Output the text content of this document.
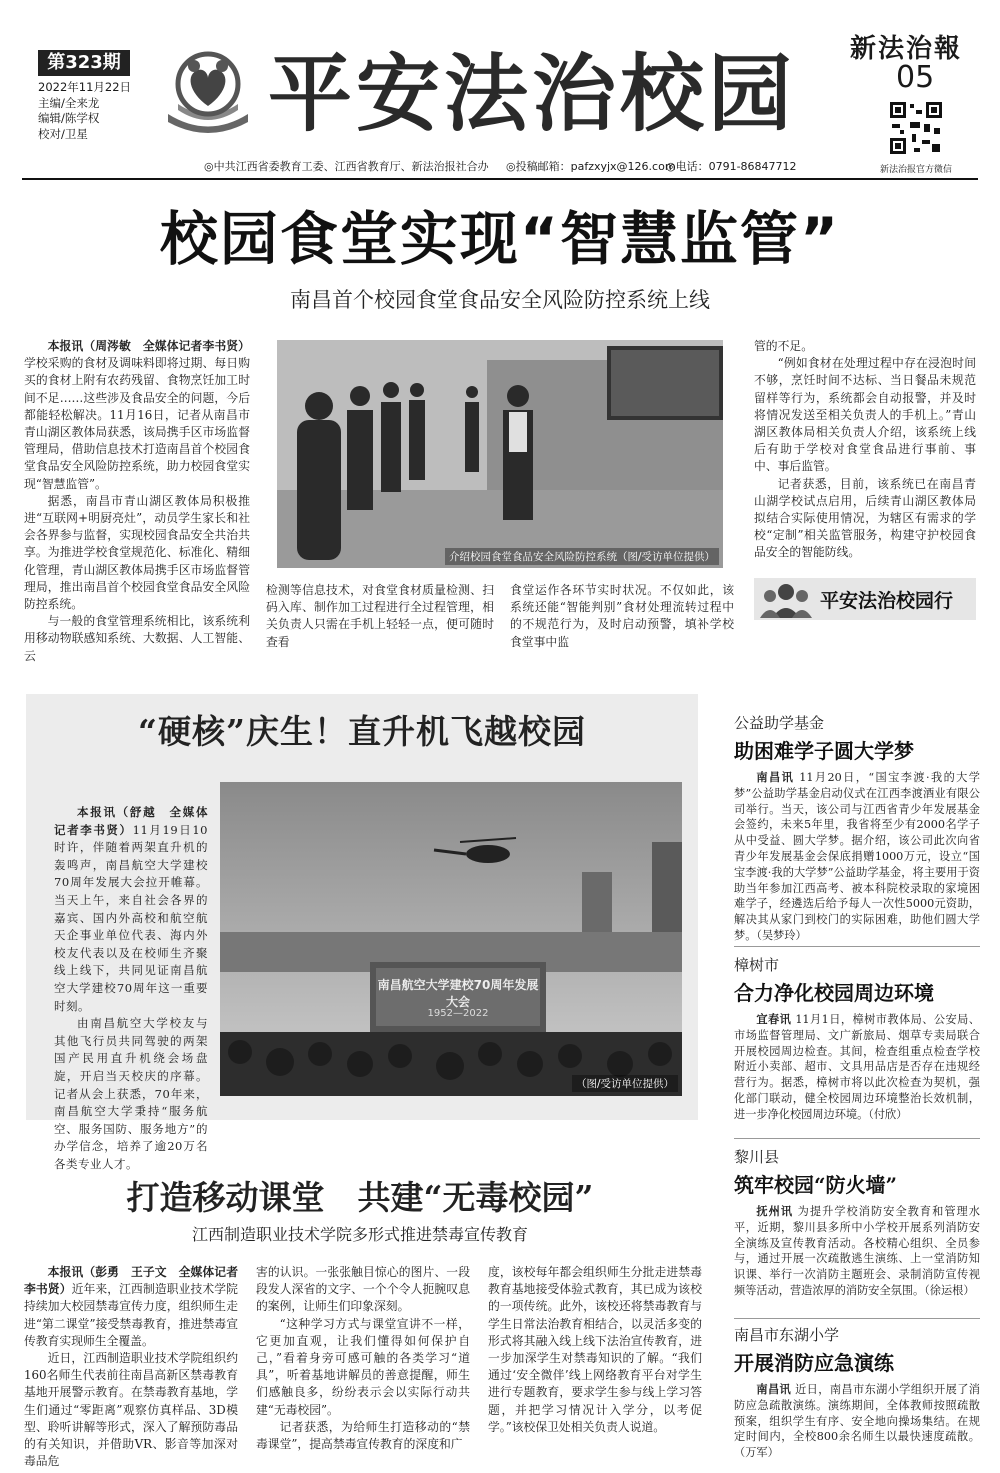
第323期
2022年11月22日
主编/全来龙
编辑/陈学权
校对/卫星	平安法治校园 新法治報
05
新法治报官方微信
◎中共江西省委教育工委、江西省教育厅、新法治报社合办 ◎投稿邮箱：pafzxyjx@126.com
◎电话：0791-86847712
校园食堂实现“智慧监管”
南昌首个校园食堂食品安全风险防控系统上线

本报讯（周涔敏　全媒体记者李书贤）学校采购的食材及调味料即将过期、每日购买的食材上附有农药残留、食物烹饪加工时间不足……这些涉及食品安全的问题，今后都能轻松解决。11月16日，记者从南昌市青山湖区教体局获悉，该局携手区市场监督管理局，借助信息技术打造南昌首个校园食堂食品安全风险防控系统，助力校园食堂实现“智慧监管”。

据悉，南昌市青山湖区教体局积极推进“互联网+明厨亮灶”，动员学生家长和社会各界参与监督，实现校园食品安全共治共享。为推进学校食堂规范化、标准化、精细化管理，青山湖区教体局携手区市场监督管理局，推出南昌首个校园食堂食品安全风险防控系统。

与一般的食堂管理系统相比，该系统利用移动物联感知系统、大数据、人工智能、云

介绍校园食堂食品安全风险防控系统（图/受访单位提供）
检测等信息技术，对食堂食材质量检测、扫码入库、制作加工过程进行全过程管理，相关负责人只需在手机上轻轻一点，便可随时查看
食堂运作各环节实时状况。不仅如此，该系统还能“智能判别”食材处理流转过程中的不规范行为，及时启动预警，填补学校食堂事中监

管的不足。

“例如食材在处理过程中存在浸泡时间不够，烹饪时间不达标、当日餐品未规范留样等行为，系统都会自动报警，并及时将情况发送至相关负责人的手机上。”青山湖区教体局相关负责人介绍，该系统上线后有助于学校对食堂食品进行事前、事中、事后监管。

记者获悉，目前，该系统已在南昌青山湖学校试点启用，后续青山湖区教体局拟结合实际使用情况，为辖区有需求的学校“定制”相关监管服务，构建守护校园食品安全的智能防线。

平安法治校园行
“硬核”庆生！直升机飞越校园

本报讯（舒越　全媒体记者李书贤）11月19日10时许，伴随着两架直升机的轰鸣声，南昌航空大学建校70周年发展大会拉开帷幕。当天上午，来自社会各界的嘉宾、国内外高校和航空航天企事业单位代表、海内外校友代表以及在校师生齐聚线上线下，共同见证南昌航空大学建校70周年这一重要时刻。

由南昌航空大学校友与其他飞行员共同驾驶的两架国产民用直升机绕会场盘旋，开启当天校庆的序幕。记者从会上获悉，70年来，南昌航空大学秉持“服务航空、服务国防、服务地方”的办学信念，培养了逾20万名各类专业人才。

南昌航空大学建校70周年发展大会
1952—2022
（图/受访单位提供）
打造移动课堂　共建“无毒校园”
江西制造职业技术学院多形式推进禁毒宣传教育

本报讯（彭勇　王子文　全媒体记者李书贤）近年来，江西制造职业技术学院持续加大校园禁毒宣传力度，组织师生走进“第二课堂”接受禁毒教育，推进禁毒宣传教育实现师生全覆盖。

近日，江西制造职业技术学院组织约160名师生代表前往南昌高新区禁毒教育基地开展警示教育。在禁毒教育基地，学生们通过“零距离”观察仿真样品、3D模型、聆听讲解等形式，深入了解预防毒品的有关知识，并借助VR、影音等加深对毒品危

害的认识。一张张触目惊心的图片、一段段发人深省的文字、一个个令人扼腕叹息的案例，让师生们印象深刻。

“这种学习方式与课堂宣讲不一样，它更加直观，让我们懂得如何保护自己，”看着身旁可感可触的各类学习“道具”，听着基地讲解员的善意提醒，师生们感触良多，纷纷表示会以实际行动共建“无毒校园”。

记者获悉，为给师生打造移动的“禁毒课堂”，提高禁毒宣传教育的深度和广

度，该校每年都会组织师生分批走进禁毒教育基地接受体验式教育，其已成为该校的一项传统。此外，该校还将禁毒教育与学生日常法治教育相结合，以灵活多变的形式将其融入线上线下法治宣传教育，进一步加深学生对禁毒知识的了解。“我们通过‘安全微伴’线上网络教育平台对学生进行专题教育，要求学生参与线上学习答题，并把学习情况计入学分，以考促学。”该校保卫处相关负责人说道。

公益助学基金
助困难学子圆大学梦

南昌讯 11月20日，“国宝李渡·我的大学梦”公益助学基金启动仪式在江西李渡酒业有限公司举行。当天，该公司与江西省青少年发展基金会签约，未来5年里，我省将至少有2000名学子从中受益、圆大学梦。据介绍，该公司此次向省青少年发展基金会保底捐赠1000万元，设立“国宝李渡·我的大学梦”公益助学基金，将主要用于资助当年参加江西高考、被本科院校录取的家境困难学子，经遴选后给予每人一次性5000元资助，解决其从家门到校门的实际困难，助他们圆大学梦。（吴梦玲）

樟树市
合力净化校园周边环境

宜春讯 11月1日，樟树市教体局、公安局、市场监督管理局、文广新旅局、烟草专卖局联合开展校园周边检查。其间，检查组重点检查学校附近小卖部、超市、文具用品店是否存在违规经营行为。据悉，樟树市将以此次检查为契机，强化部门联动，健全校园周边环境整治长效机制，进一步净化校园周边环境。（付欣）

黎川县
筑牢校园“防火墙”

抚州讯 为提升学校消防安全教育和管理水平，近期，黎川县多所中小学校开展系列消防安全演练及宣传教育活动。各校精心组织、全员参与，通过开展一次疏散逃生演练、上一堂消防知识课、举行一次消防主题班会、录制消防宣传视频等活动，营造浓厚的消防安全氛围。（徐运根）

南昌市东湖小学
开展消防应急演练

南昌讯 近日，南昌市东湖小学组织开展了消防应急疏散演练。演练期间，全体教师按照疏散预案，组织学生有序、安全地向操场集结。在规定时间内，全校800余名师生以最快速度疏散。（万军）
